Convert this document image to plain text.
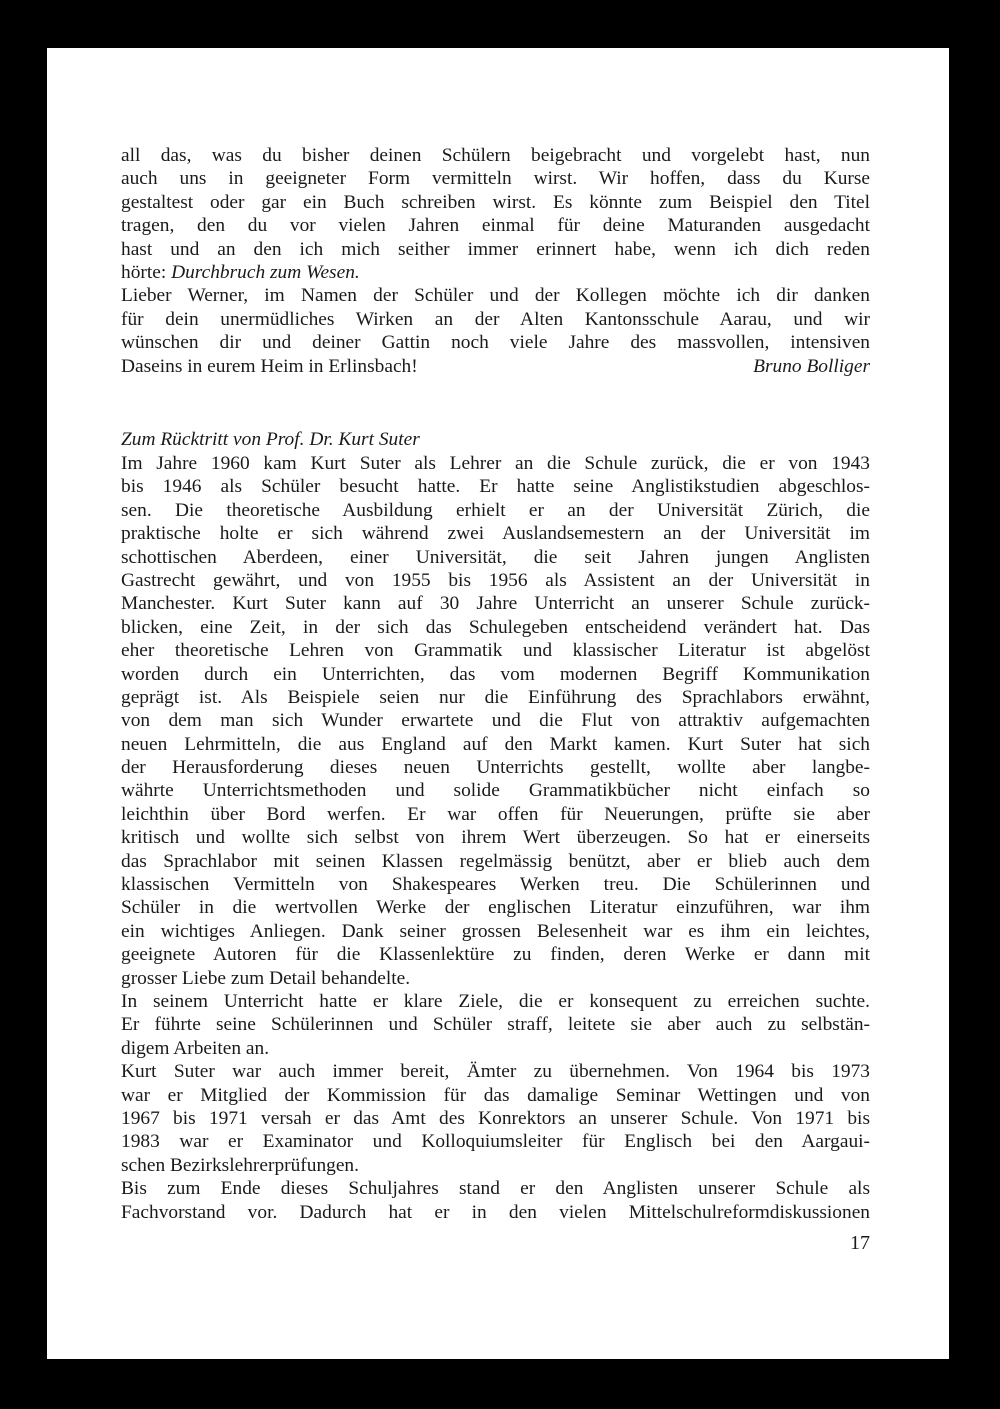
all das, was du bisher deinen Schülern beigebracht und vorgelebt hast, nun
auch uns in geeigneter Form vermitteln wirst. Wir hoffen, dass du Kurse
gestaltest oder gar ein Buch schreiben wirst. Es könnte zum Beispiel den Titel
tragen, den du vor vielen Jahren einmal für deine Maturanden ausgedacht
hast und an den ich mich seither immer erinnert habe, wenn ich dich reden
hörte: Durchbruch zum Wesen.
Lieber Werner, im Namen der Schüler und der Kollegen möchte ich dir danken
für dein unermüdliches Wirken an der Alten Kantonsschule Aarau, und wir
wünschen dir und deiner Gattin noch viele Jahre des massvollen, intensiven
Daseins in eurem Heim in Erlinsbach!	Bruno Bolliger
Zum Rücktritt von Prof. Dr. Kurt Suter
Im Jahre 1960 kam Kurt Suter als Lehrer an die Schule zurück, die er von 1943
bis 1946 als Schüler besucht hatte. Er hatte seine Anglistikstudien abgeschlos-
sen. Die theoretische Ausbildung erhielt er an der Universität Zürich, die
praktische holte er sich während zwei Auslandsemestern an der Universität im
schottischen Aberdeen, einer Universität, die seit Jahren jungen Anglisten
Gastrecht gewährt, und von 1955 bis 1956 als Assistent an der Universität in
Manchester. Kurt Suter kann auf 30 Jahre Unterricht an unserer Schule zurück-
blicken, eine Zeit, in der sich das Schulegeben entscheidend verändert hat. Das
eher theoretische Lehren von Grammatik und klassischer Literatur ist abgelöst
worden durch ein Unterrichten, das vom modernen Begriff Kommunikation
geprägt ist. Als Beispiele seien nur die Einführung des Sprachlabors erwähnt,
von dem man sich Wunder erwartete und die Flut von attraktiv aufgemachten
neuen Lehrmitteln, die aus England auf den Markt kamen. Kurt Suter hat sich
der Herausforderung dieses neuen Unterrichts gestellt, wollte aber langbe-
währte Unterrichtsmethoden und solide Grammatikbücher nicht einfach so
leichthin über Bord werfen. Er war offen für Neuerungen, prüfte sie aber
kritisch und wollte sich selbst von ihrem Wert überzeugen. So hat er einerseits
das Sprachlabor mit seinen Klassen regelmässig benützt, aber er blieb auch dem
klassischen Vermitteln von Shakespeares Werken treu. Die Schülerinnen und
Schüler in die wertvollen Werke der englischen Literatur einzuführen, war ihm
ein wichtiges Anliegen. Dank seiner grossen Belesenheit war es ihm ein leichtes,
geeignete Autoren für die Klassenlektüre zu finden, deren Werke er dann mit
grosser Liebe zum Detail behandelte.
In seinem Unterricht hatte er klare Ziele, die er konsequent zu erreichen suchte.
Er führte seine Schülerinnen und Schüler straff, leitete sie aber auch zu selbstän-
digem Arbeiten an.
Kurt Suter war auch immer bereit, Ämter zu übernehmen. Von 1964 bis 1973
war er Mitglied der Kommission für das damalige Seminar Wettingen und von
1967 bis 1971 versah er das Amt des Konrektors an unserer Schule. Von 1971 bis
1983 war er Examinator und Kolloquiumsleiter für Englisch bei den Aargaui-
schen Bezirkslehrerprüfungen.
Bis zum Ende dieses Schuljahres stand er den Anglisten unserer Schule als
Fachvorstand vor. Dadurch hat er in den vielen Mittelschulreformdiskussionen
17
